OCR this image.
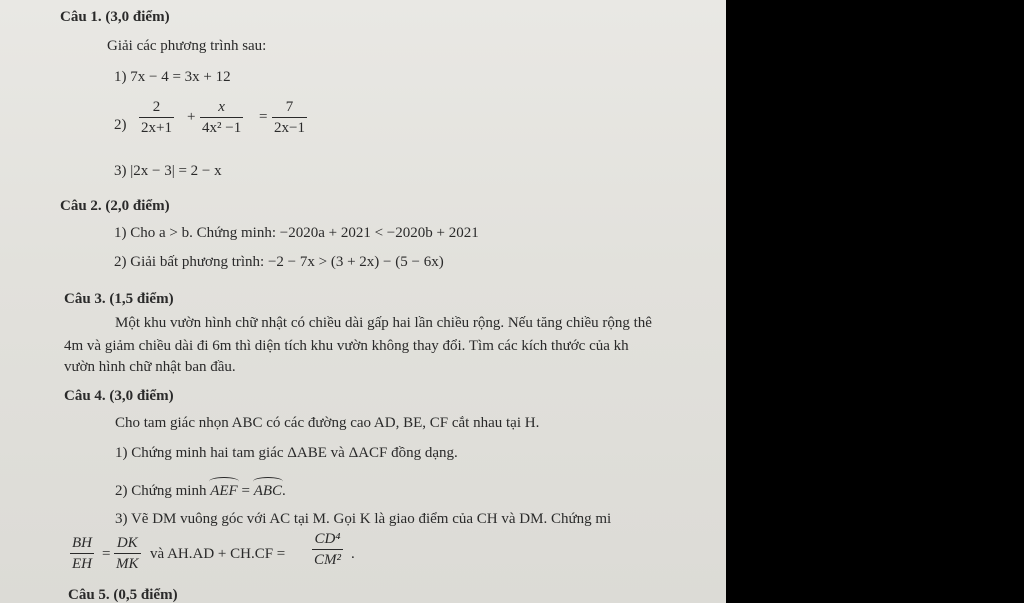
Câu 1. (3,0 điểm)
Giải các phương trình sau:
1) 7x − 4 = 3x + 12
2)
2
2x+1
+
x
4x² −1
=
7
2x−1
3) |2x − 3| = 2 − x
Câu 2. (2,0 điểm)
1) Cho a > b. Chứng minh: −2020a + 2021 < −2020b + 2021
2) Giải bất phương trình: −2 − 7x > (3 + 2x) − (5 − 6x)
Câu 3. (1,5 điểm)
Một khu vườn hình chữ nhật có chiều dài gấp hai lần chiều rộng. Nếu tăng chiều rộng thê
4m và giảm chiều dài đi 6m thì diện tích khu vườn không thay đổi. Tìm các kích thước của kh
vườn hình chữ nhật ban đầu.
Câu 4. (3,0 điểm)
Cho tam giác nhọn ABC có các đường cao AD, BE, CF cắt nhau tại H.
1) Chứng minh hai tam giác ΔABE và ΔACF đồng dạng.
2) Chứng minh AEF = ABC.
3) Vẽ DM vuông góc với AC tại M. Gọi K là giao điểm của CH và DM. Chứng mi
BH
EH
=
DK
MK
và AH.AD + CH.CF =
CD⁴
CM² .
Câu 5. (0,5 điểm)
